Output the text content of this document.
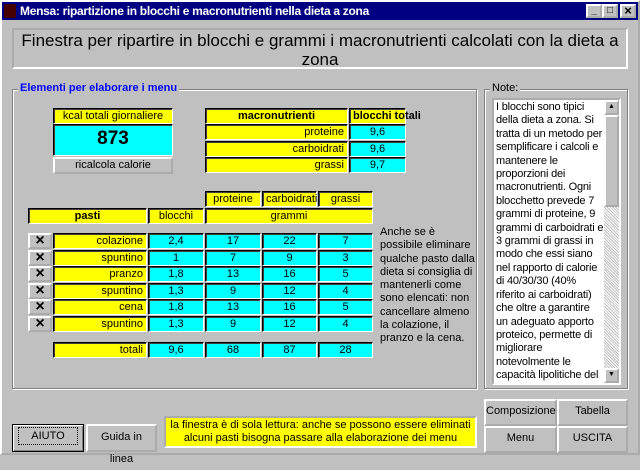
Mensa: ripartizione in blocchi e macronutrienti nella dieta a zona	_	□ ×
Finestra per ripartire in blocchi e grammi i macronutrienti calcolati con la dieta a zona
Elementi per elaborare i menu
kcal totali giornaliere
873
ricalcola calorie
macronutrienti	blocchi totali
proteine	9,6
carboidrati	9,6
grassi	9,7
proteine	carboidrati	grassi
pasti	blocchi	grammi
×	colazione	2,4	17	22	7
×	spuntino	1	7	9	3
×	pranzo	1,8	13	16	5
×	spuntino	1,3	9	12	4
×	cena	1,8	13	16	5
×	spuntino	1,3	9	12	4
totali	9,6	68	87	28
Anche se è possibile eliminare qualche pasto dalla dieta si consiglia di mantenerli come sono elencati: non cancellare almeno la colazione, il pranzo e la cena.
Note:
I blocchi sono tipici della dieta a zona. Si tratta di un metodo per semplificare i calcoli e mantenere le proporzioni dei macronutrienti. Ogni blocchetto prevede 7 grammi di proteine, 9 grammi di carboidrati e 3 grammi di grassi in modo che essi siano nel rapporto di calorie di 40/30/30 (40% riferito ai carboidrati) che oltre a garantire un adeguato apporto proteico, permette di migliorare notevolmente le capacità lipolitiche del
▲
▼
AIUTO	Guida in linea
la finestra è di sola lettura: anche se possono essere eliminati alcuni pasti bisogna passare alla elaborazione dei menu
Composizione	Tabella
Menu	USCITA
